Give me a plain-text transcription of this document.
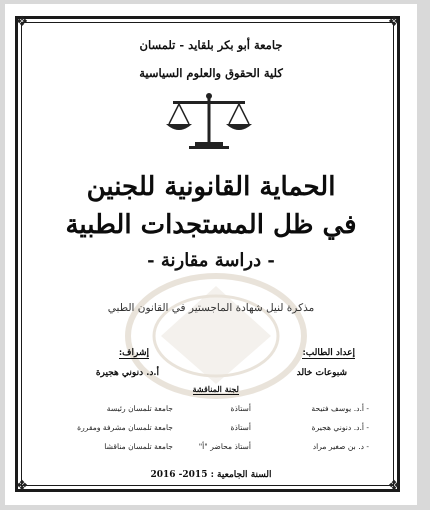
❖	❖
❖	❖
جامعة أبو بكر بلقايد - تلمسان
كلية الحقوق والعلوم السياسية
الحماية القانونية للجنين
في ظل المستجدات الطبية
- دراسة مقارنة -
مذكرة لنيل شهادة الماجستير في القانون الطبي
إعداد الطالب:
شبوعات خالد
إشراف:
أ.د. دنوني هجيرة
لجنة المناقشة
- أ.د. يوسف فتيحة
أستاذة
جامعة تلمسان رئيسة
- أ.د. دنوني هجيرة
أستاذة
جامعة تلمسان مشرفة ومقررة
- د. بن صغير مراد
أستاذ محاضر "أ"
جامعة تلمسان مناقشا
السنة الجامعية : 2015- 2016
